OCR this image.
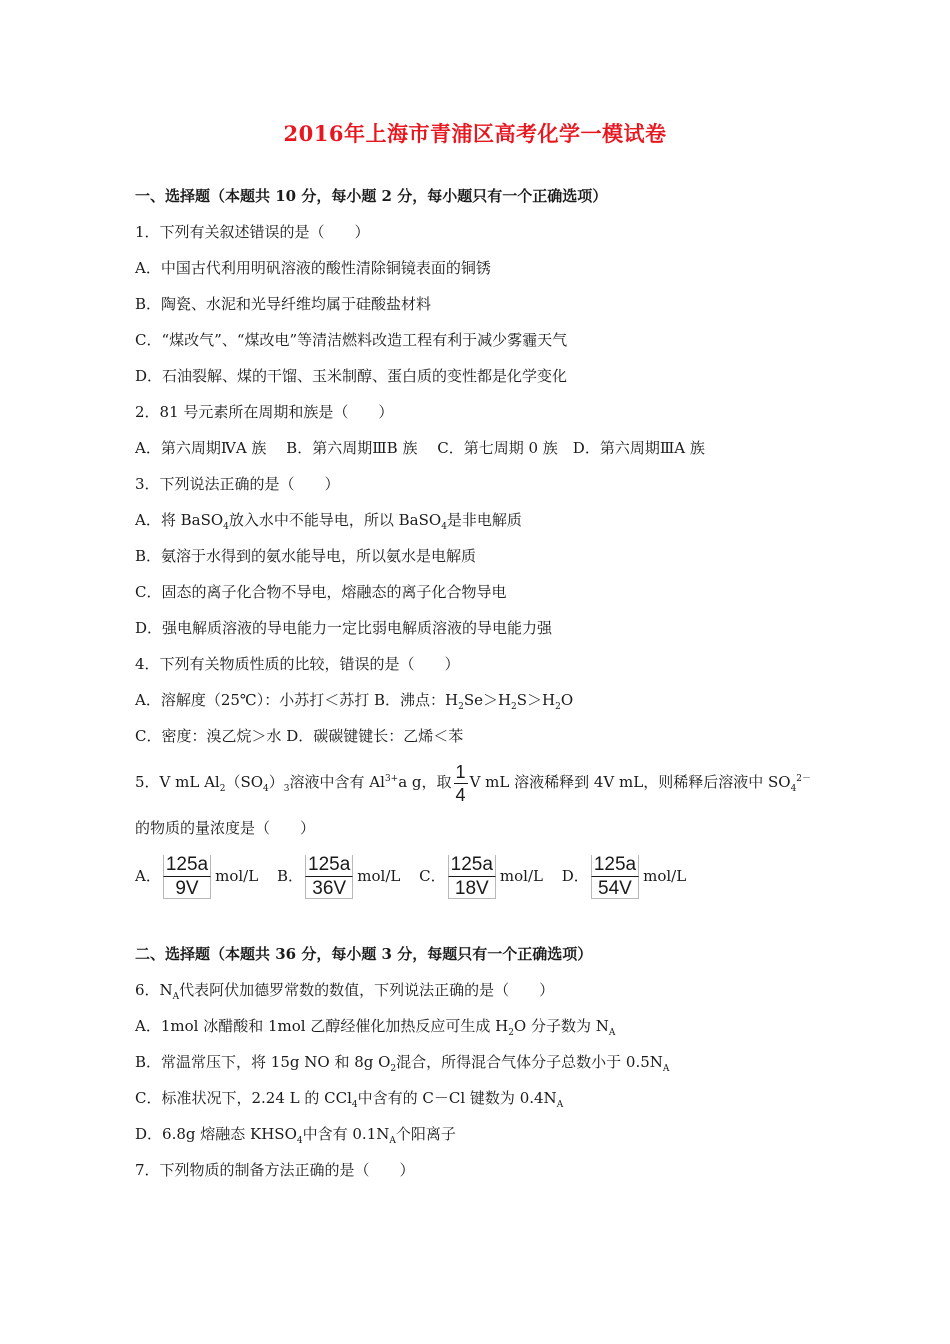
2016年上海市青浦区高考化学一模试卷
一、选择题（本题共 10 分，每小题 2 分，每小题只有一个正确选项）
1．下列有关叙述错误的是（　　）
A．中国古代利用明矾溶液的酸性清除铜镜表面的铜锈
B．陶瓷、水泥和光导纤维均属于硅酸盐材料
C．“煤改气”、“煤改电”等清洁燃料改造工程有利于减少雾霾天气
D．石油裂解、煤的干馏、玉米制醇、蛋白质的变性都是化学变化
2．81 号元素所在周期和族是（　　）
A．第六周期ⅣA 族　 B．第六周期ⅢB 族　 C．第七周期 0 族　D．第六周期ⅢA 族
3．下列说法正确的是（　　）
A．将 BaSO$_4$放入水中不能导电，所以 BaSO$_4$是非电解质
B．氨溶于水得到的氨水能导电，所以氨水是电解质
C．固态的离子化合物不导电，熔融态的离子化合物导电
D．强电解质溶液的导电能力一定比弱电解质溶液的导电能力强
4．下列有关物质性质的比较，错误的是（　　）
A．溶解度（25℃）：小苏打＜苏打 B．沸点：$H_2Se>H_2S>H_2O$
C．密度：溴乙烷＞水 D．碳碳键键长：乙烯＜苯
5．V mL $Al_2(SO_4)_3$溶液中含有 $Al^{3+}a$ g，取 $\frac{1}{4}$ V mL 溶液稀释到 4V mL，则稀释后溶液中 $SO_4^{2-}$
的物质的量浓度是（　　）
A． $\frac{125a}{9V} mol/L$ B． $\frac{125a}{36V} mol/L$ C． $\frac{125a}{18V} mol/L$ D． $\frac{125a}{54V} mol/L$
二、选择题（本题共 36 分，每小题 3 分，每题只有一个正确选项）
6．$N_A$代表阿伏加德罗常数的数值，下列说法正确的是（　　）
A．1mol 冰醋酸和 1mol 乙醇经催化加热反应可生成 $H_2O$ 分子数为 $N_A$
B．常温常压下，将 15g NO 和 8g $O_2$混合，所得混合气体分子总数小于 $0.5N_A$
C．标准状况下，2.24 L 的 CCl$_4$中含有的 C－Cl 键数为 $0.4N_A$
D．6.8g 熔融态 $KHSO_4$中含有 $0.1N_A$个阳离子
7．下列物质的制备方法正确的是（　　）
